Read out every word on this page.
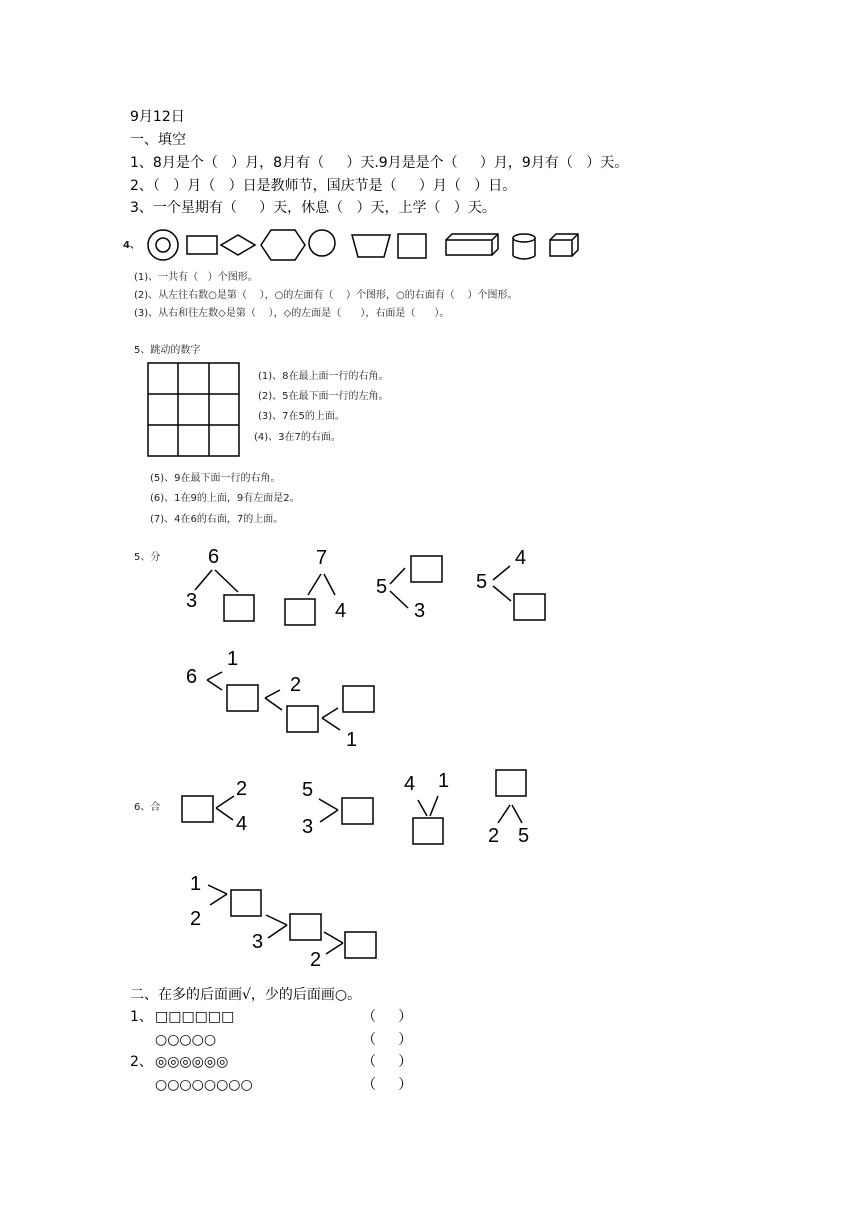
9月12日
一、填空
1、8月是个（   ）月，8月有（     ）天.9月是是个（     ）月，9月有（   ）天。
2、（   ）月（   ）日是教师节，国庆节是（     ）月（   ）日。
3、一个星期有（     ）天，休息（   ）天，上学（   ）天。
4、
(1)、一共有（   ）个图形。
(2)、从左往右数○是第（    ），○的左面有（    ）个图形，○的右面有（    ）个图形。
(3)、从右和往左数◇是第（    ），◇的左面是（      ），右面是（      ）。
5、跳动的数字
(1)、8在最上面一行的右角。
(2)、5在最下面一行的左角。
(3)、7在5的上面。
(4)、3在7的右面。
(5)、9在最下面一行的右角。
(6)、1在9的上面，9有左面是2。
(7)、4在6的右面，7的上面。
5、分 6
3
7
4
5
3
5
4
6
1
2
1
6、合
2
4
5
3
4 1
2 5
1
2
3
2
二、在多的后面画√，少的后面画○。
1、 □□□□□□	（     ）
○○○○○	（     ）
2、 ◎◎◎◎◎◎	（     ）
○○○○○○○○	（     ）
